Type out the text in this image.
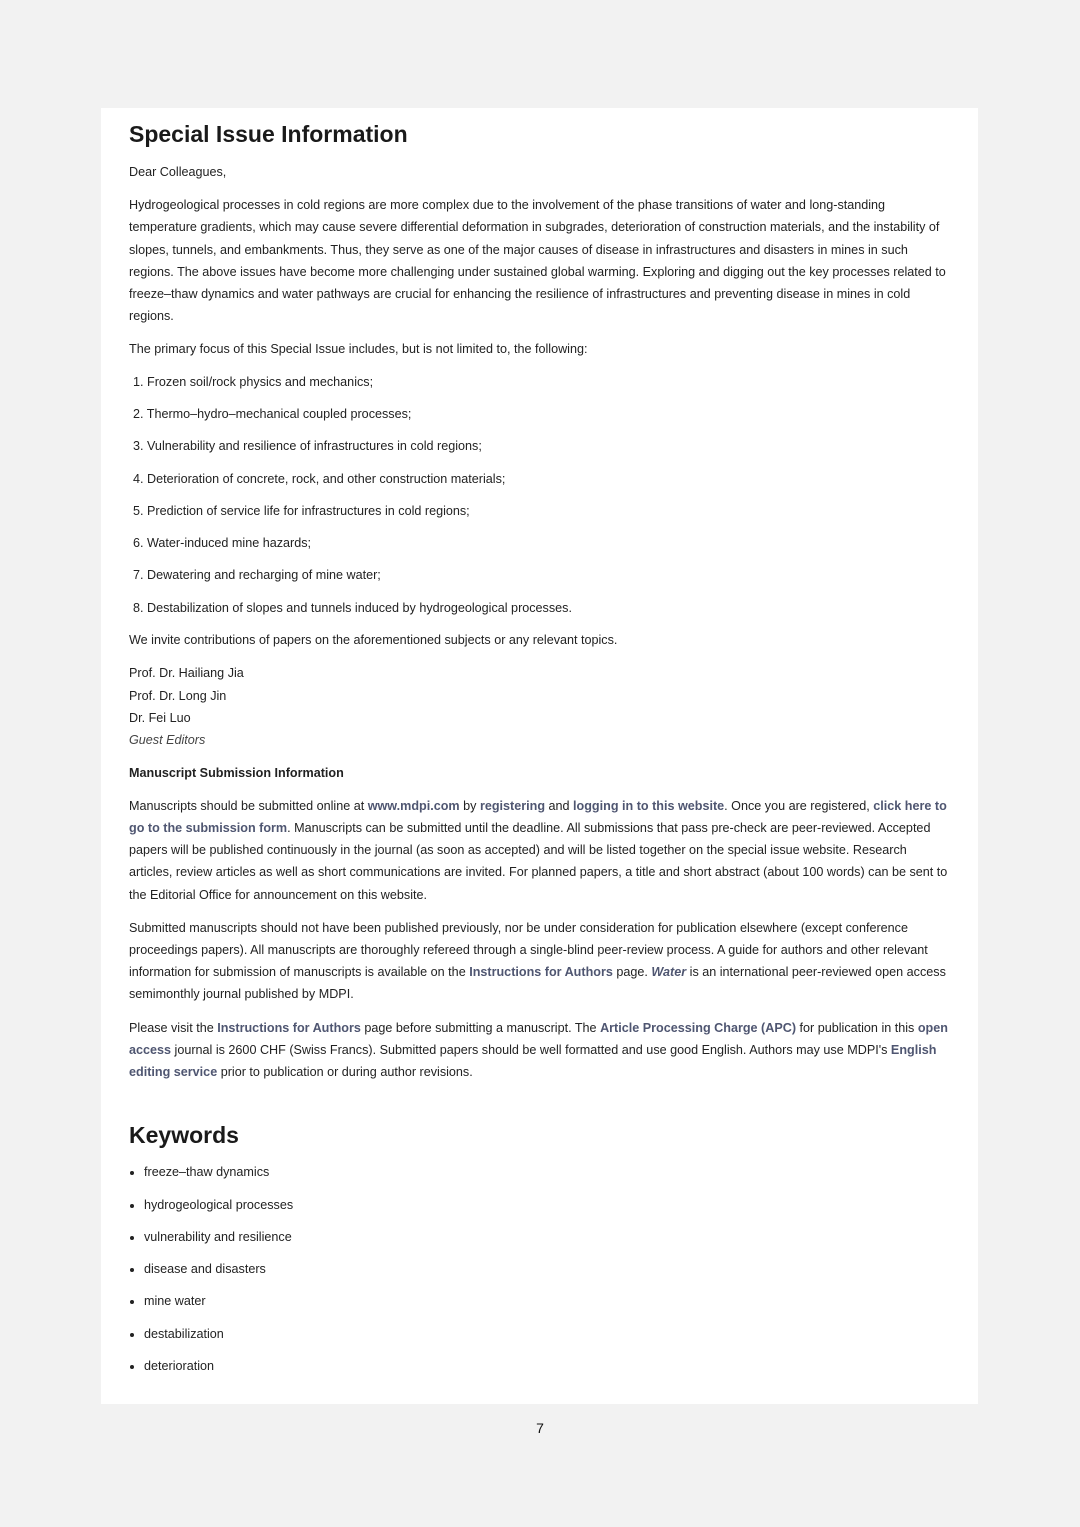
Special Issue Information

Dear Colleagues,

Hydrogeological processes in cold regions are more complex due to the involvement of the phase transitions of water and long-standing temperature gradients, which may cause severe differential deformation in subgrades, deterioration of construction materials, and the instability of slopes, tunnels, and embankments. Thus, they serve as one of the major causes of disease in infrastructures and disasters in mines in such regions. The above issues have become more challenging under sustained global warming. Exploring and digging out the key processes related to freeze–thaw dynamics and water pathways are crucial for enhancing the resilience of infrastructures and preventing disease in mines in cold regions.

The primary focus of this Special Issue includes, but is not limited to, the following:

1. Frozen soil/rock physics and mechanics;
2. Thermo–hydro–mechanical coupled processes;
3. Vulnerability and resilience of infrastructures in cold regions;
4. Deterioration of concrete, rock, and other construction materials;
5. Prediction of service life for infrastructures in cold regions;
6. Water-induced mine hazards;
7. Dewatering and recharging of mine water;
8. Destabilization of slopes and tunnels induced by hydrogeological processes.

We invite contributions of papers on the aforementioned subjects or any relevant topics.

Prof. Dr. Hailiang Jia

Prof. Dr. Long Jin

Dr. Fei Luo

Guest Editors

Manuscript Submission Information

Manuscripts should be submitted online at www.mdpi.com by registering and logging in to this website. Once you are registered, click here to go to the submission form. Manuscripts can be submitted until the deadline. All submissions that pass pre-check are peer-reviewed. Accepted papers will be published continuously in the journal (as soon as accepted) and will be listed together on the special issue website. Research articles, review articles as well as short communications are invited. For planned papers, a title and short abstract (about 100 words) can be sent to the Editorial Office for announcement on this website.

Submitted manuscripts should not have been published previously, nor be under consideration for publication elsewhere (except conference proceedings papers). All manuscripts are thoroughly refereed through a single-blind peer-review process. A guide for authors and other relevant information for submission of manuscripts is available on the Instructions for Authors page. Water is an international peer-reviewed open access semimonthly journal published by MDPI.

Please visit the Instructions for Authors page before submitting a manuscript. The Article Processing Charge (APC) for publication in this open access journal is 2600 CHF (Swiss Francs). Submitted papers should be well formatted and use good English. Authors may use MDPI's English editing service prior to publication or during author revisions.

Keywords
freeze–thaw dynamics
hydrogeological processes
vulnerability and resilience
disease and disasters
mine water
destabilization
deterioration
7
